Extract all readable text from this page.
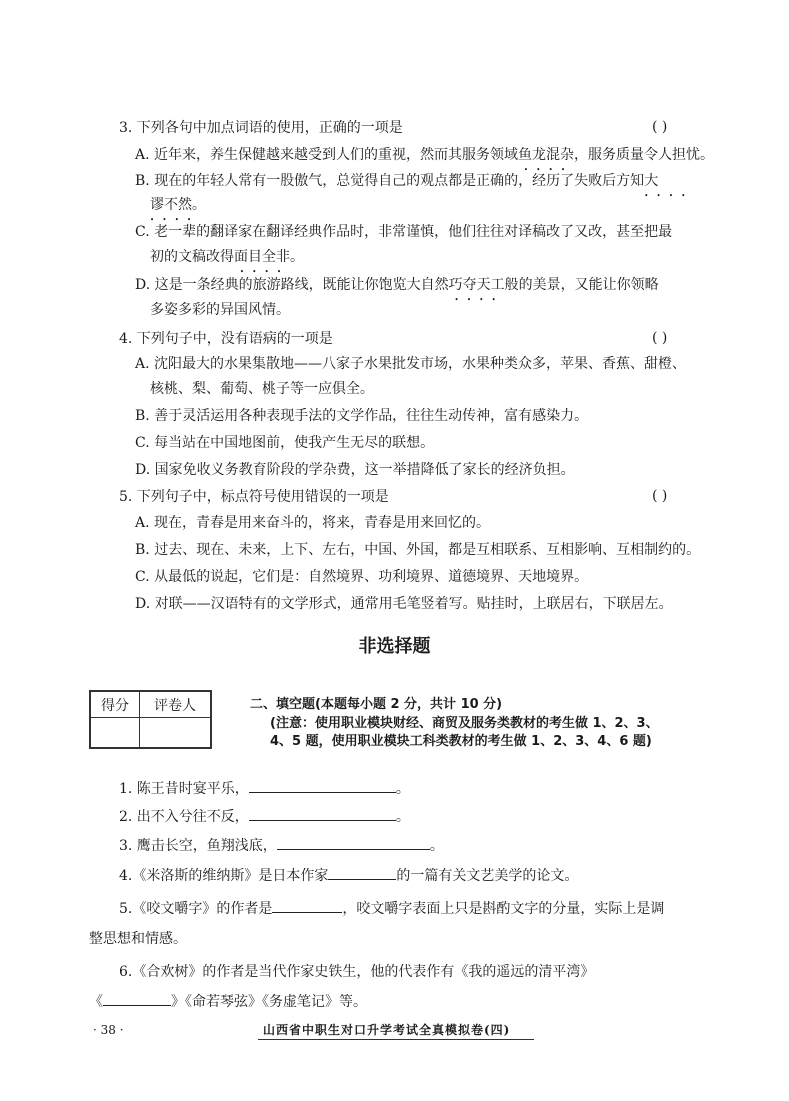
3. 下列各句中加点词语的使用，正确的一项是	( )
A. 近年来，养生保健越来越受到人们的重视，然而其服务领域鱼龙混杂 • • • •，服务质量令人担忧。
B. 现在的年轻人常有一股傲气，总觉得自己的观点都是正确的，经历了失败后方知大 • • • •
谬不然 • • • •。
C. 老一辈的翻译家在翻译经典作品时，非常谨慎，他们往往对译稿改了又改，甚至把最
初的文稿改得面目全非 • • • •。
D. 这是一条经典的旅游路线，既能让你饱览大自然巧夺天工 • • • •般的美景，又能让你领略
多姿多彩的异国风情。
4. 下列句子中，没有语病的一项是	( )
A. 沈阳最大的水果集散地——八家子水果批发市场，水果种类众多，苹果、香蕉、甜橙、
核桃、梨、葡萄、桃子等一应俱全。
B. 善于灵活运用各种表现手法的文学作品，往往生动传神，富有感染力。
C. 每当站在中国地图前，使我产生无尽的联想。
D. 国家免收义务教育阶段的学杂费，这一举措降低了家长的经济负担。
5. 下列句子中，标点符号使用错误的一项是	( )
A. 现在，青春是用来奋斗的，将来，青春是用来回忆的。
B. 过去、现在、未来，上下、左右，中国、外国，都是互相联系、互相影响、互相制约的。
C. 从最低的说起，它们是：自然境界、功利境界、道德境界、天地境界。
D. 对联——汉语特有的文学形式，通常用毛笔竖着写。贴挂时，上联居右，下联居左。
非选择题
得分	评卷人
		二、填空题(本题每小题 2 分，共计 10 分)
(注意：使用职业模块财经、商贸及服务类教材的考生做 1、2、3、
4、5 题，使用职业模块工科类教材的考生做 1、2、3、4、6 题)
1. 陈王昔时宴平乐，	。
2. 出不入兮往不反，	。
3. 鹰击长空，鱼翔浅底，	。
4.《米洛斯的维纳斯》是日本作家	的一篇有关文艺美学的论文。
5.《咬文嚼字》的作者是	，咬文嚼字表面上只是斟酌文字的分量，实际上是调
整思想和情感。
6.《合欢树》的作者是当代作家史铁生，他的代表作有《我的遥远的清平湾》
《	》《命若琴弦》《务虚笔记》等。
· 38 ·	山西省中职生对口升学考试全真模拟卷(四)
